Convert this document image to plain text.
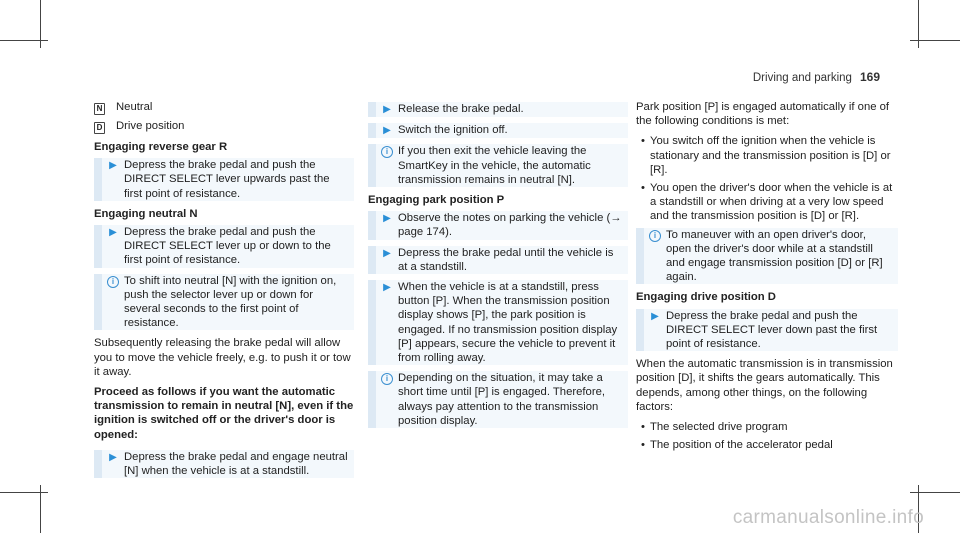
Driving and parking 169
N	Neutral
D	Drive position
Engaging reverse gear R
▶ Depress the brake pedal and push the DIRECT SELECT lever upwards past the first point of resistance.
Engaging neutral N
▶ Depress the brake pedal and push the DIRECT SELECT lever up or down to the first point of resistance.
i To shift into neutral [N] with the ignition on, push the selector lever up or down for several seconds to the first point of resistance.
Subsequently releasing the brake pedal will allow you to move the vehicle freely, e.g. to push it or tow it away.
Proceed as follows if you want the automatic transmission to remain in neutral [N], even if the ignition is switched off or the driver's door is opened:
▶ Depress the brake pedal and engage neutral [N] when the vehicle is at a standstill.
▶ Release the brake pedal.
▶ Switch the ignition off.
i If you then exit the vehicle leaving the SmartKey in the vehicle, the automatic transmission remains in neutral [N].
Engaging park position P
▶ Observe the notes on parking the vehicle (→ page 174).
▶ Depress the brake pedal until the vehicle is at a standstill.
▶ When the vehicle is at a standstill, press button [P]. When the transmission position display shows [P], the park position is engaged. If no transmission position display [P] appears, secure the vehicle to prevent it from rolling away.
i Depending on the situation, it may take a short time until [P] is engaged. Therefore, always pay attention to the transmission position display.
Park position [P] is engaged automatically if one of the following conditions is met:
• You switch off the ignition when the vehicle is stationary and the transmission position is [D] or [R].
• You open the driver's door when the vehicle is at a standstill or when driving at a very low speed and the transmission position is [D] or [R].
i To maneuver with an open driver's door, open the driver's door while at a standstill and engage transmission position [D] or [R] again.
Engaging drive position D
▶ Depress the brake pedal and push the DIRECT SELECT lever down past the first point of resistance.
When the automatic transmission is in transmission position [D], it shifts the gears automatically. This depends, among other things, on the following factors:
• The selected drive program
• The position of the accelerator pedal
carmanualsonline.info
